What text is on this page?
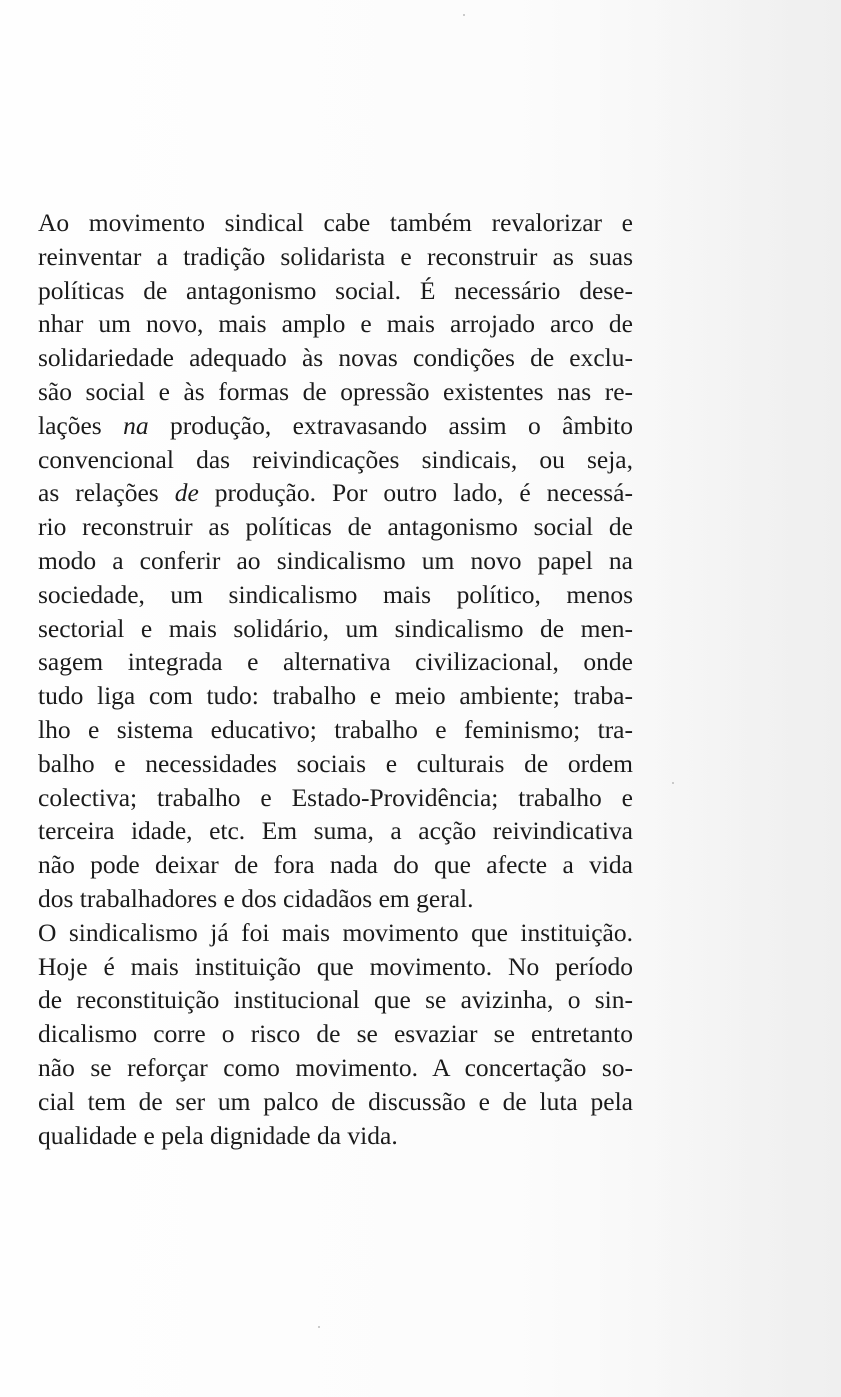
Ao movimento sindical cabe também revalorizar e
reinventar a tradição solidarista e reconstruir as suas
políticas de antagonismo social. É necessário dese-
nhar um novo, mais amplo e mais arrojado arco de
solidariedade adequado às novas condições de exclu-
são social e às formas de opressão existentes nas re-
lações na produção, extravasando assim o âmbito
convencional das reivindicações sindicais, ou seja,
as relações de produção. Por outro lado, é necessá-
rio reconstruir as políticas de antagonismo social de
modo a conferir ao sindicalismo um novo papel na
sociedade, um sindicalismo mais político, menos
sectorial e mais solidário, um sindicalismo de men-
sagem integrada e alternativa civilizacional, onde
tudo liga com tudo: trabalho e meio ambiente; traba-
lho e sistema educativo; trabalho e feminismo; tra-
balho e necessidades sociais e culturais de ordem
colectiva; trabalho e Estado-Providência; trabalho e
terceira idade, etc. Em suma, a acção reivindicativa
não pode deixar de fora nada do que afecte a vida
dos trabalhadores e dos cidadãos em geral.
O sindicalismo já foi mais movimento que instituição.
Hoje é mais instituição que movimento. No período
de reconstituição institucional que se avizinha, o sin-
dicalismo corre o risco de se esvaziar se entretanto
não se reforçar como movimento. A concertação so-
cial tem de ser um palco de discussão e de luta pela
qualidade e pela dignidade da vida.
